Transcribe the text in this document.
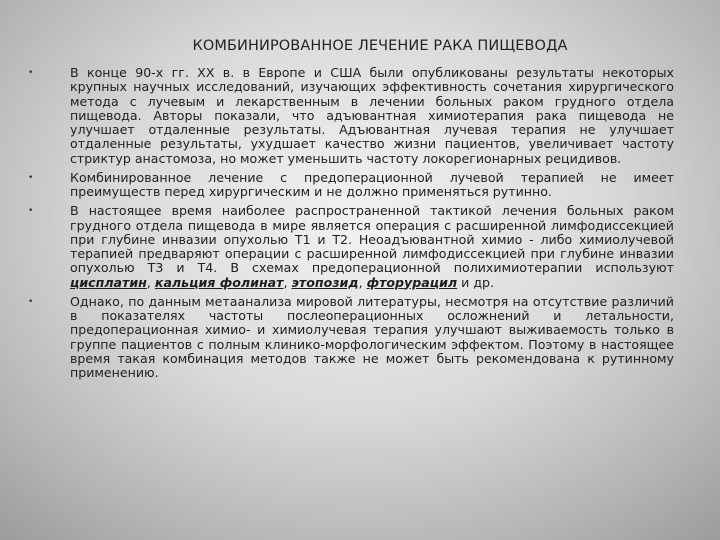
КОМБИНИРОВАННОЕ ЛЕЧЕНИЕ РАКА ПИЩЕВОДА
•	В конце 90-х гг. ХХ в. в Европе и США были опубликованы результаты некоторых крупных научных исследований, изучающих эффективность сочетания хирургического метода с лучевым и лекарственным в лечении больных раком грудного отдела пищевода. Авторы показали, что адъювантная химиотерапия рака пищевода не улучшает отдаленные результаты. Адъювантная лучевая терапия не улучшает отдаленные результаты, ухудшает качество жизни пациентов, увеличивает частоту стриктур анастомоза, но может уменьшить частоту локорегионарных рецидивов.
•	Комбинированное лечение с предоперационной лучевой терапией не имеет преимуществ перед хирургическим и не должно применяться рутинно.
•	В настоящее время наиболее распространенной тактикой лечения больных раком грудного отдела пищевода в мире является операция с расширенной лимфодиссекцией при глубине инвазии опухолью Т1 и Т2. Неоадъювантной химио - либо химиолучевой терапией предваряют операции с расширенной лимфодиссекцией при глубине инвазии опухолью Т3 и Т4. В схемах предоперационной полихимиотерапии используют цисплатин, кальция фолинат, этопозид, фторурацил и др.
•	Однако, по данным метаанализа мировой литературы, несмотря на отсутствие различий в показателях частоты послеоперационных осложнений и летальности, предоперационная химио- и химиолучевая терапия улучшают выживаемость только в группе пациентов с полным клинико-морфологическим эффектом. Поэтому в настоящее время такая комбинация методов также не может быть рекомендована к рутинному применению.
